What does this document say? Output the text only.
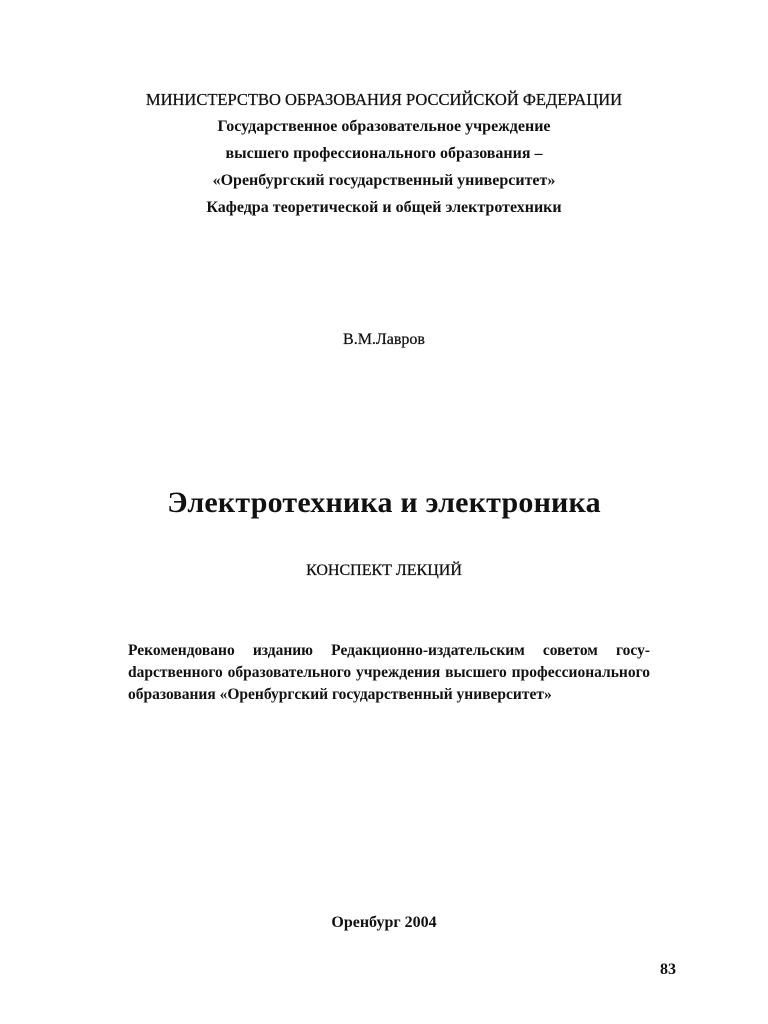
МИНИСТЕРСТВО ОБРАЗОВАНИЯ РОССИЙСКОЙ ФЕДЕРАЦИИ
Государственное образовательное учреждение
высшего профессионального образования –
«Оренбургский государственный университет»
Кафедра теоретической и общей электротехники
В.М.Лавров
Электротехника и электроника
КОНСПЕКТ ЛЕКЦИЙ
Рекомендовано изданию Редакционно-издательским советом госуdарственного образовательного учреждения высшего профессионального образования «Оренбургский государственный университет»
Оренбург 2004
83
